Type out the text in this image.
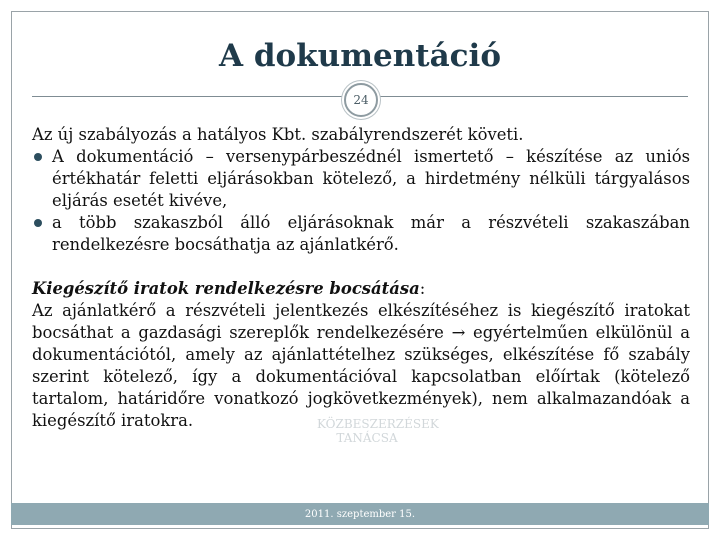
A dokumentáció
24
KÖZBESZERZÉSEK TANÁCSA

Az új szabályozás a hatályos Kbt. szabályrendszerét követi.

A dokumentáció – versenypárbeszédnél ismertető – készítése az uniós értékhatár feletti eljárásokban kötelező, a hirdetmény nélküli tárgyalásos eljárás esetét kivéve,
a több szakaszból álló eljárásoknak már a részvételi szakaszában rendelkezésre bocsáthatja az ajánlatkérő.

Kiegészítő iratok rendelkezésre bocsátása:

Az ajánlatkérő a részvételi jelentkezés elkészítéséhez is kiegészítő iratokat bocsáthat a gazdasági szereplők rendelkezésére → egyértelműen elkülönül a dokumentációtól, amely az ajánlattételhez szükséges, elkészítése fő szabály szerint kötelező, így a dokumentációval kapcsolatban előírtak (kötelező tartalom, határidőre vonatkozó jogkövetkezmények), nem alkalmazandóak a kiegészítő iratokra.

2011. szeptember 15.
